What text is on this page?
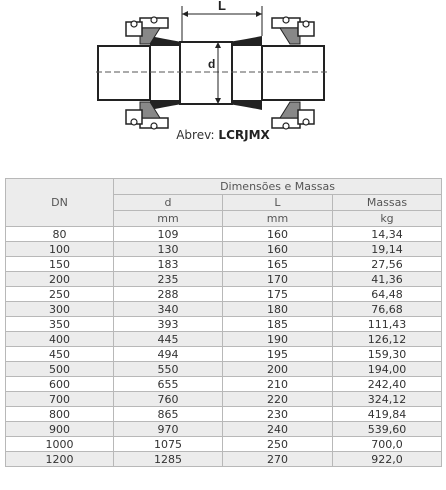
L
d
Abrev: LCRJMX
DN	Dimensões e Massas		
	d	L	Massas
	mm	mm	kg
80	109	160	14,34
100	130	160	19,14
150	183	165	27,56
200	235	170	41,36
250	288	175	64,48
300	340	180	76,68
350	393	185	111,43
400	445	190	126,12
450	494	195	159,30
500	550	200	194,00
600	655	210	242,40
700	760	220	324,12
800	865	230	419,84
900	970	240	539,60
1000	1075	250	700,0
1200	1285	270	922,0
